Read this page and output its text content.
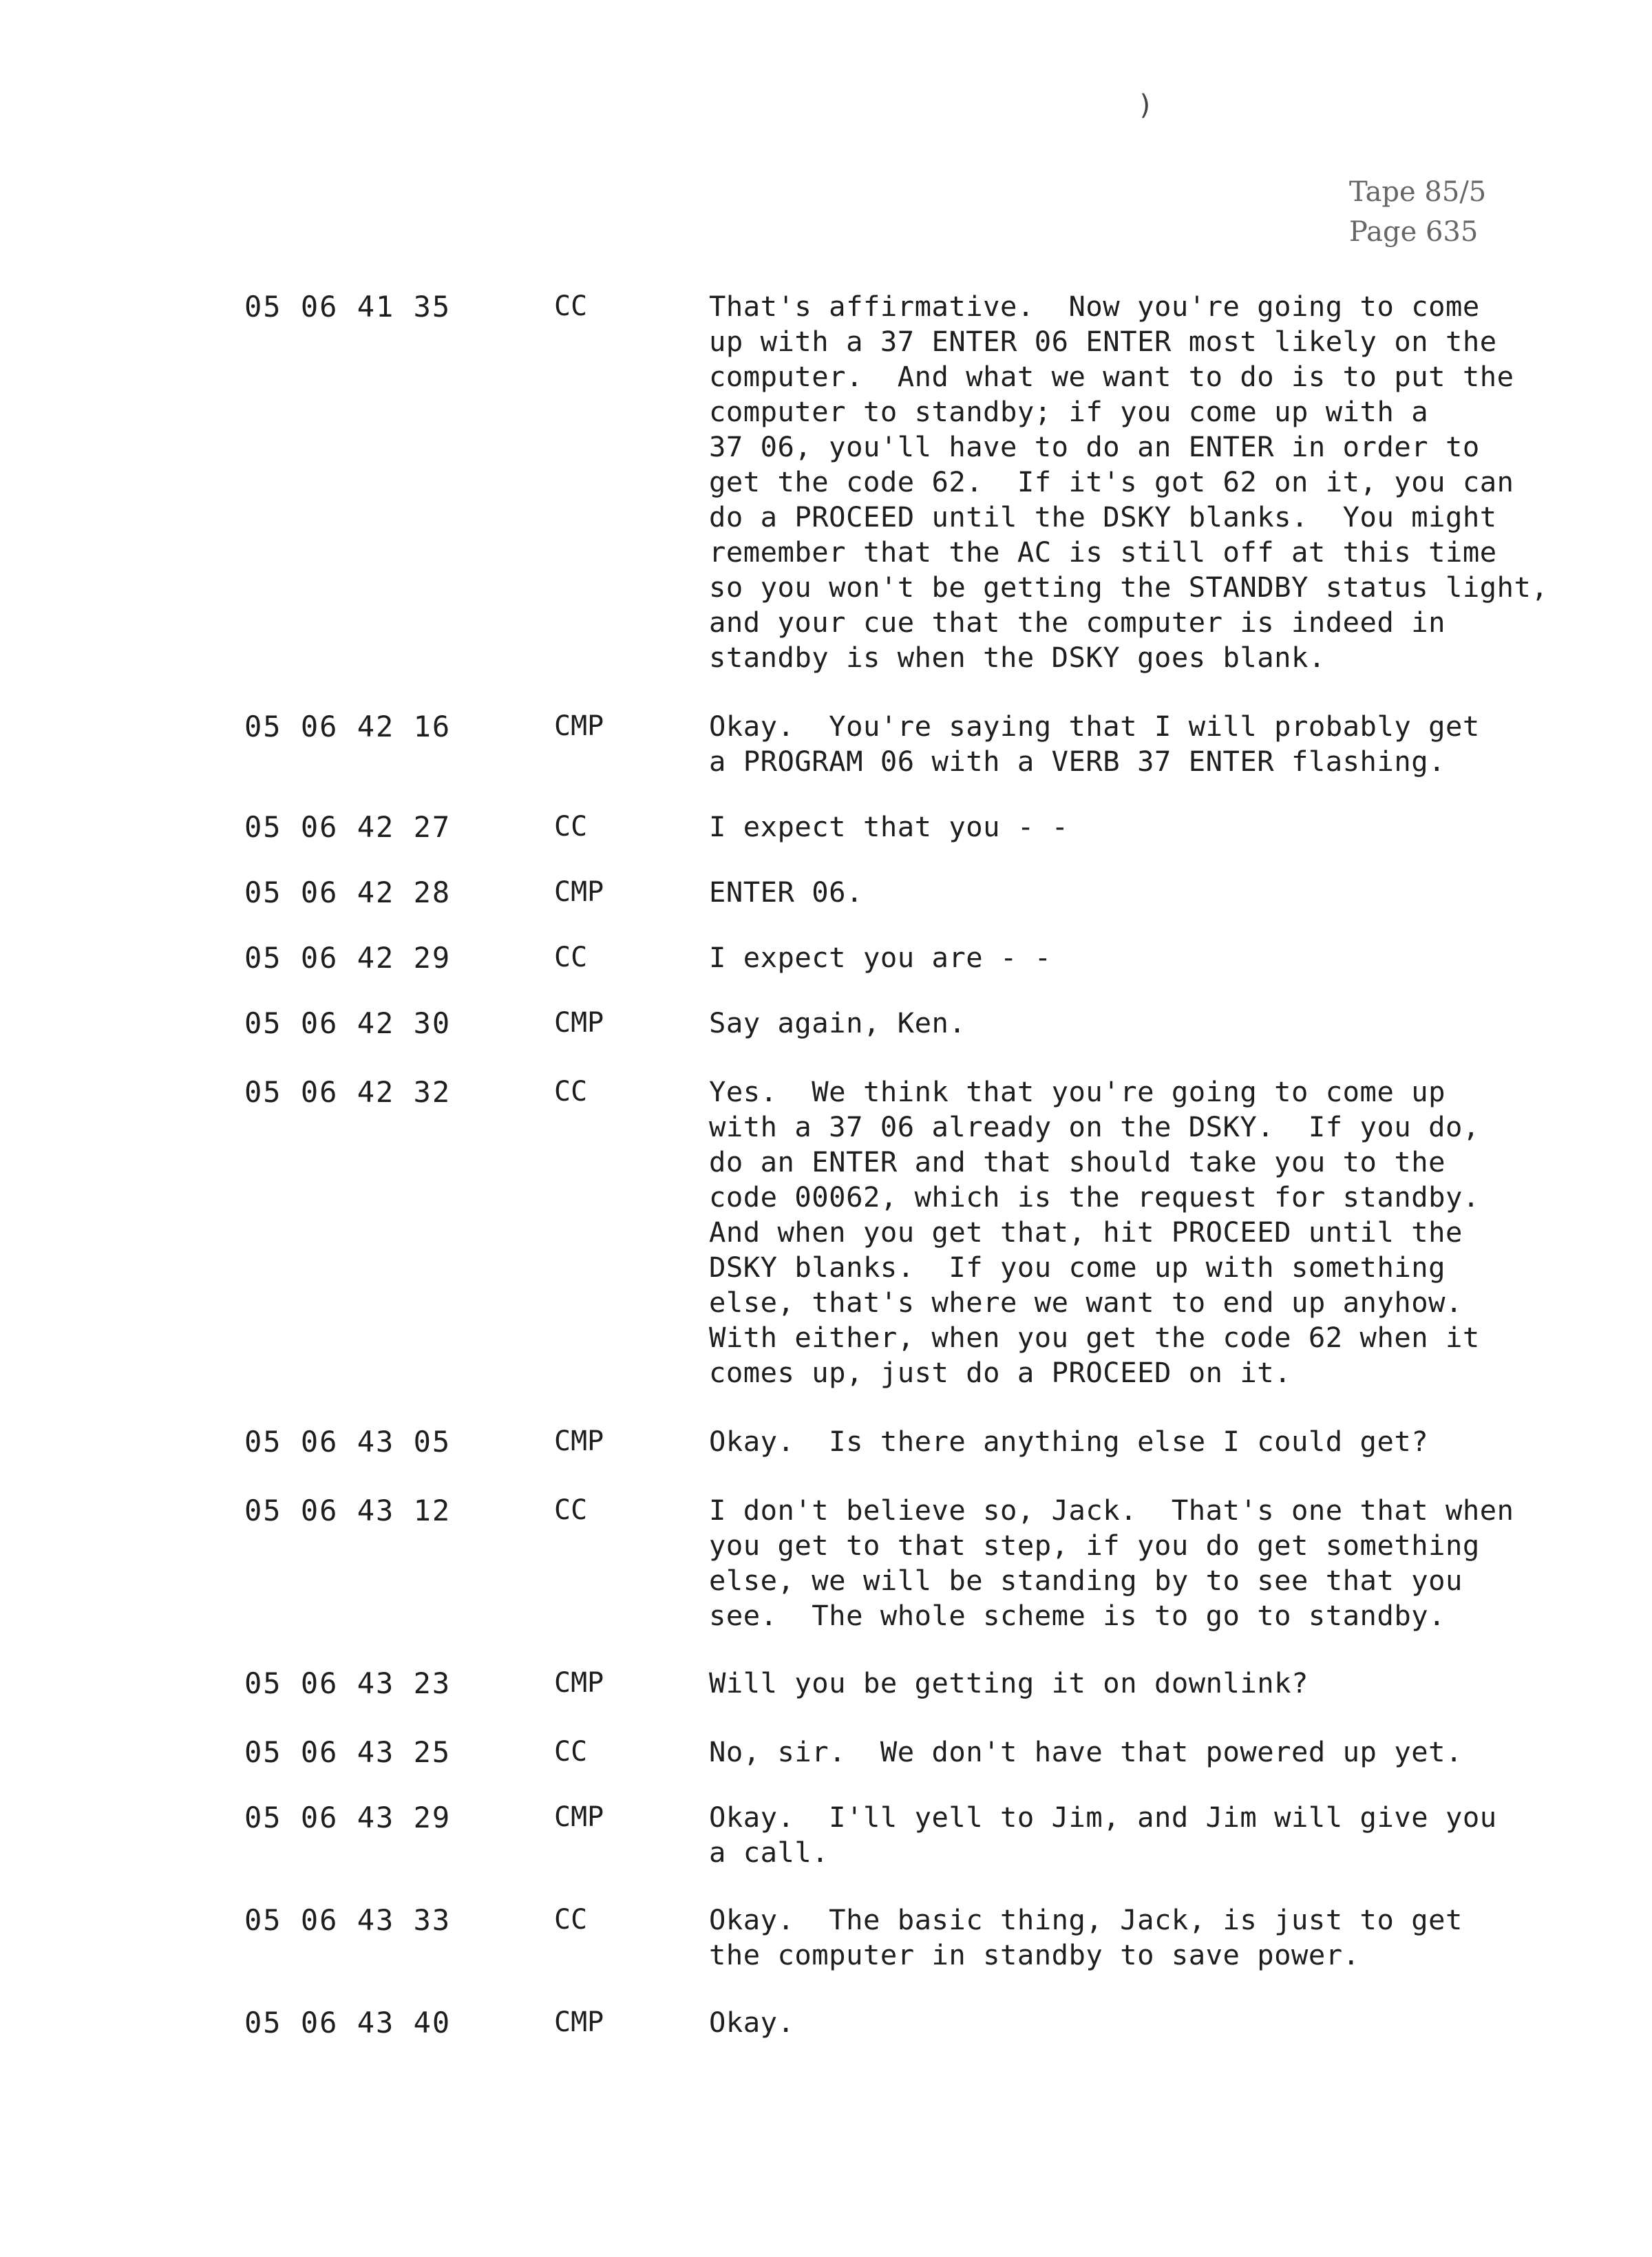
)
Tape 85/5
Page 635
05 06 41 35	CC	That's affirmative.  Now you're going to come
up with a 37 ENTER 06 ENTER most likely on the
computer.  And what we want to do is to put the
computer to standby; if you come up with a
37 06, you'll have to do an ENTER in order to
get the code 62.  If it's got 62 on it, you can
do a PROCEED until the DSKY blanks.  You might
remember that the AC is still off at this time
so you won't be getting the STANDBY status light,
and your cue that the computer is indeed in
standby is when the DSKY goes blank.
05 06 42 16	CMP	Okay.  You're saying that I will probably get
a PROGRAM 06 with a VERB 37 ENTER flashing.
05 06 42 27	CC	I expect that you - -
05 06 42 28	CMP	ENTER 06.
05 06 42 29	CC	I expect you are - -
05 06 42 30	CMP	Say again, Ken.
05 06 42 32	CC	Yes.  We think that you're going to come up
with a 37 06 already on the DSKY.  If you do,
do an ENTER and that should take you to the
code 00062, which is the request for standby.
And when you get that, hit PROCEED until the
DSKY blanks.  If you come up with something
else, that's where we want to end up anyhow.
With either, when you get the code 62 when it
comes up, just do a PROCEED on it.
05 06 43 05	CMP	Okay.  Is there anything else I could get?
05 06 43 12	CC	I don't believe so, Jack.  That's one that when
you get to that step, if you do get something
else, we will be standing by to see that you
see.  The whole scheme is to go to standby.
05 06 43 23	CMP	Will you be getting it on downlink?
05 06 43 25	CC	No, sir.  We don't have that powered up yet.
05 06 43 29	CMP	Okay.  I'll yell to Jim, and Jim will give you
a call.
05 06 43 33	CC	Okay.  The basic thing, Jack, is just to get
the computer in standby to save power.
05 06 43 40	CMP	Okay.
